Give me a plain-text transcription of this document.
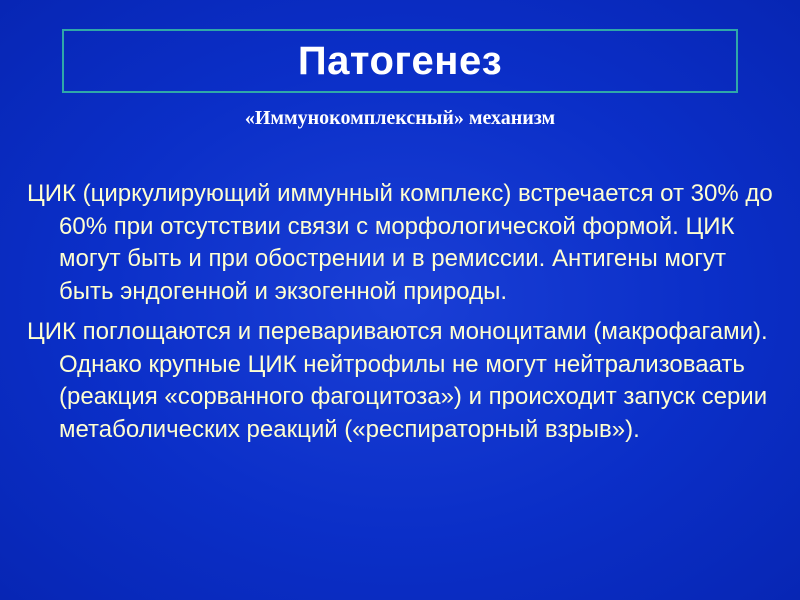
Патогенез
«Иммунокомплексный» механизм

ЦИК (циркулирующий иммунный комплекс) встречается от 30% до 60% при отсутствии связи с морфологической формой. ЦИК могут быть и при обострении и в ремиссии. Антигены могут быть эндогенной и экзогенной природы.

ЦИК поглощаются и перевариваются моноцитами (макрофагами). Однако крупные ЦИК нейтрофилы не могут нейтрализоваать (реакция «сорванного фагоцитоза») и происходит запуск серии метаболических реакций («респираторный взрыв»).
